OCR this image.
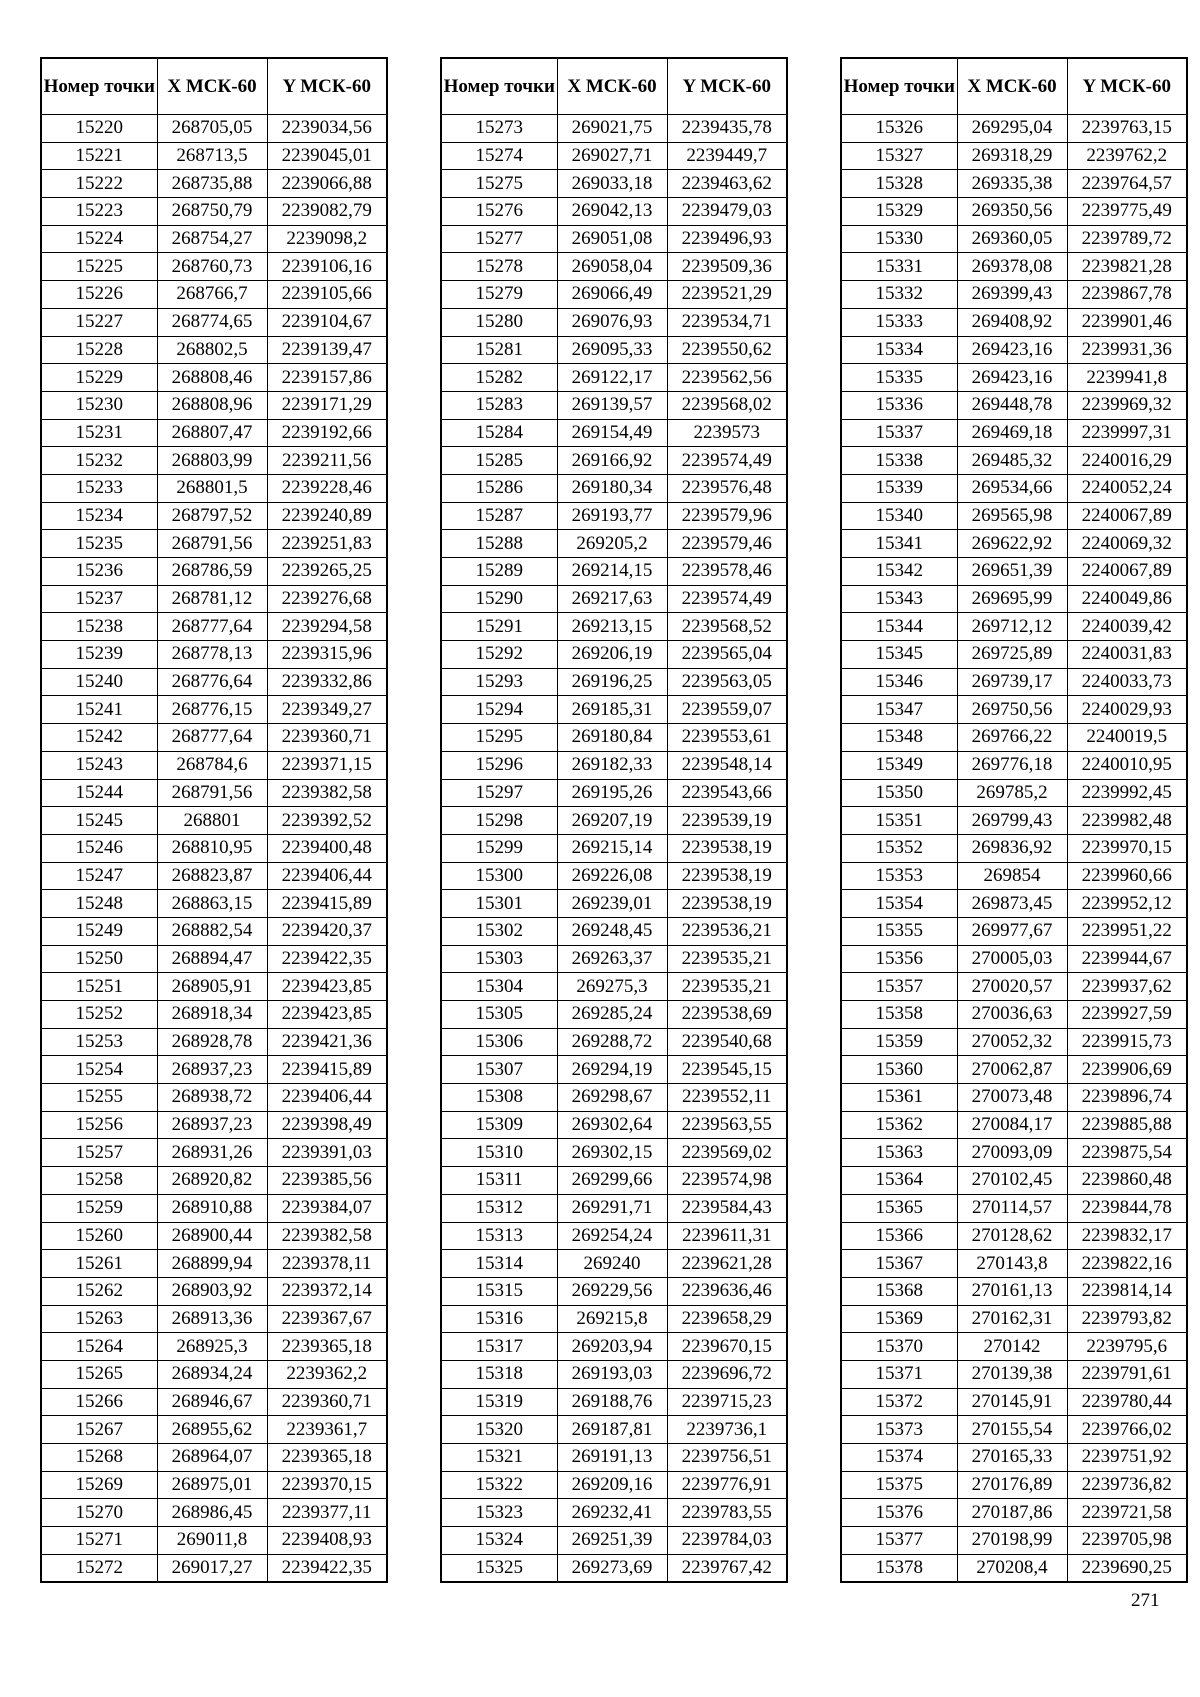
Номер точки	X МСК-60	Y МСК-60
15220	268705,05	2239034,56
15221	268713,5	2239045,01
15222	268735,88	2239066,88
15223	268750,79	2239082,79
15224	268754,27	2239098,2
15225	268760,73	2239106,16
15226	268766,7	2239105,66
15227	268774,65	2239104,67
15228	268802,5	2239139,47
15229	268808,46	2239157,86
15230	268808,96	2239171,29
15231	268807,47	2239192,66
15232	268803,99	2239211,56
15233	268801,5	2239228,46
15234	268797,52	2239240,89
15235	268791,56	2239251,83
15236	268786,59	2239265,25
15237	268781,12	2239276,68
15238	268777,64	2239294,58
15239	268778,13	2239315,96
15240	268776,64	2239332,86
15241	268776,15	2239349,27
15242	268777,64	2239360,71
15243	268784,6	2239371,15
15244	268791,56	2239382,58
15245	268801	2239392,52
15246	268810,95	2239400,48
15247	268823,87	2239406,44
15248	268863,15	2239415,89
15249	268882,54	2239420,37
15250	268894,47	2239422,35
15251	268905,91	2239423,85
15252	268918,34	2239423,85
15253	268928,78	2239421,36
15254	268937,23	2239415,89
15255	268938,72	2239406,44
15256	268937,23	2239398,49
15257	268931,26	2239391,03
15258	268920,82	2239385,56
15259	268910,88	2239384,07
15260	268900,44	2239382,58
15261	268899,94	2239378,11
15262	268903,92	2239372,14
15263	268913,36	2239367,67
15264	268925,3	2239365,18
15265	268934,24	2239362,2
15266	268946,67	2239360,71
15267	268955,62	2239361,7
15268	268964,07	2239365,18
15269	268975,01	2239370,15
15270	268986,45	2239377,11
15271	269011,8	2239408,93
15272	269017,27	2239422,35
Номер точки	X МСК-60	Y МСК-60
15273	269021,75	2239435,78
15274	269027,71	2239449,7
15275	269033,18	2239463,62
15276	269042,13	2239479,03
15277	269051,08	2239496,93
15278	269058,04	2239509,36
15279	269066,49	2239521,29
15280	269076,93	2239534,71
15281	269095,33	2239550,62
15282	269122,17	2239562,56
15283	269139,57	2239568,02
15284	269154,49	2239573
15285	269166,92	2239574,49
15286	269180,34	2239576,48
15287	269193,77	2239579,96
15288	269205,2	2239579,46
15289	269214,15	2239578,46
15290	269217,63	2239574,49
15291	269213,15	2239568,52
15292	269206,19	2239565,04
15293	269196,25	2239563,05
15294	269185,31	2239559,07
15295	269180,84	2239553,61
15296	269182,33	2239548,14
15297	269195,26	2239543,66
15298	269207,19	2239539,19
15299	269215,14	2239538,19
15300	269226,08	2239538,19
15301	269239,01	2239538,19
15302	269248,45	2239536,21
15303	269263,37	2239535,21
15304	269275,3	2239535,21
15305	269285,24	2239538,69
15306	269288,72	2239540,68
15307	269294,19	2239545,15
15308	269298,67	2239552,11
15309	269302,64	2239563,55
15310	269302,15	2239569,02
15311	269299,66	2239574,98
15312	269291,71	2239584,43
15313	269254,24	2239611,31
15314	269240	2239621,28
15315	269229,56	2239636,46
15316	269215,8	2239658,29
15317	269203,94	2239670,15
15318	269193,03	2239696,72
15319	269188,76	2239715,23
15320	269187,81	2239736,1
15321	269191,13	2239756,51
15322	269209,16	2239776,91
15323	269232,41	2239783,55
15324	269251,39	2239784,03
15325	269273,69	2239767,42
Номер точки	X МСК-60	Y МСК-60
15326	269295,04	2239763,15
15327	269318,29	2239762,2
15328	269335,38	2239764,57
15329	269350,56	2239775,49
15330	269360,05	2239789,72
15331	269378,08	2239821,28
15332	269399,43	2239867,78
15333	269408,92	2239901,46
15334	269423,16	2239931,36
15335	269423,16	2239941,8
15336	269448,78	2239969,32
15337	269469,18	2239997,31
15338	269485,32	2240016,29
15339	269534,66	2240052,24
15340	269565,98	2240067,89
15341	269622,92	2240069,32
15342	269651,39	2240067,89
15343	269695,99	2240049,86
15344	269712,12	2240039,42
15345	269725,89	2240031,83
15346	269739,17	2240033,73
15347	269750,56	2240029,93
15348	269766,22	2240019,5
15349	269776,18	2240010,95
15350	269785,2	2239992,45
15351	269799,43	2239982,48
15352	269836,92	2239970,15
15353	269854	2239960,66
15354	269873,45	2239952,12
15355	269977,67	2239951,22
15356	270005,03	2239944,67
15357	270020,57	2239937,62
15358	270036,63	2239927,59
15359	270052,32	2239915,73
15360	270062,87	2239906,69
15361	270073,48	2239896,74
15362	270084,17	2239885,88
15363	270093,09	2239875,54
15364	270102,45	2239860,48
15365	270114,57	2239844,78
15366	270128,62	2239832,17
15367	270143,8	2239822,16
15368	270161,13	2239814,14
15369	270162,31	2239793,82
15370	270142	2239795,6
15371	270139,38	2239791,61
15372	270145,91	2239780,44
15373	270155,54	2239766,02
15374	270165,33	2239751,92
15375	270176,89	2239736,82
15376	270187,86	2239721,58
15377	270198,99	2239705,98
15378	270208,4	2239690,25
271
